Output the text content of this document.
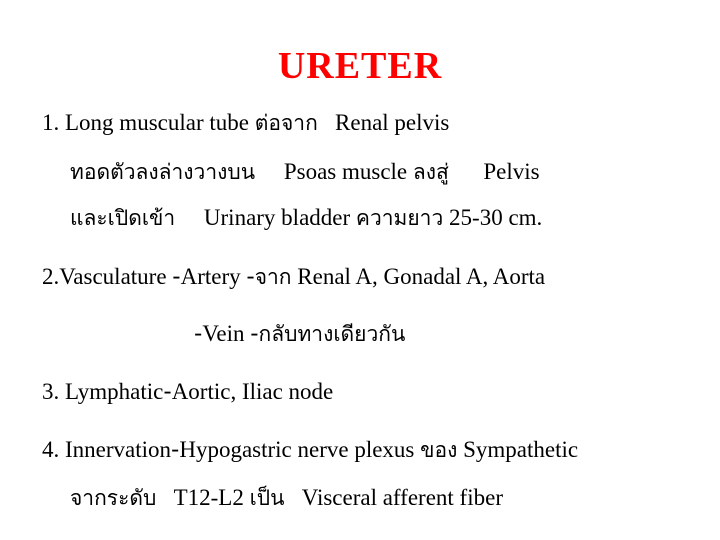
URETER
1. Long muscular tube ต่อจาก   Renal pelvis
ทอดตัวลงล่างวางบน     Psoas muscle ลงสู่      Pelvis
และเปิดเข้า     Urinary bladder ความยาว 25-30 cm.
2.Vasculature -Artery -จาก Renal A, Gonadal A, Aorta
-Vein -กลับทางเดียวกัน
3. Lymphatic-Aortic, Iliac node
4. Innervation-Hypogastric nerve plexus ของ Sympathetic
จากระดับ   T12-L2 เป็น   Visceral afferent fiber
